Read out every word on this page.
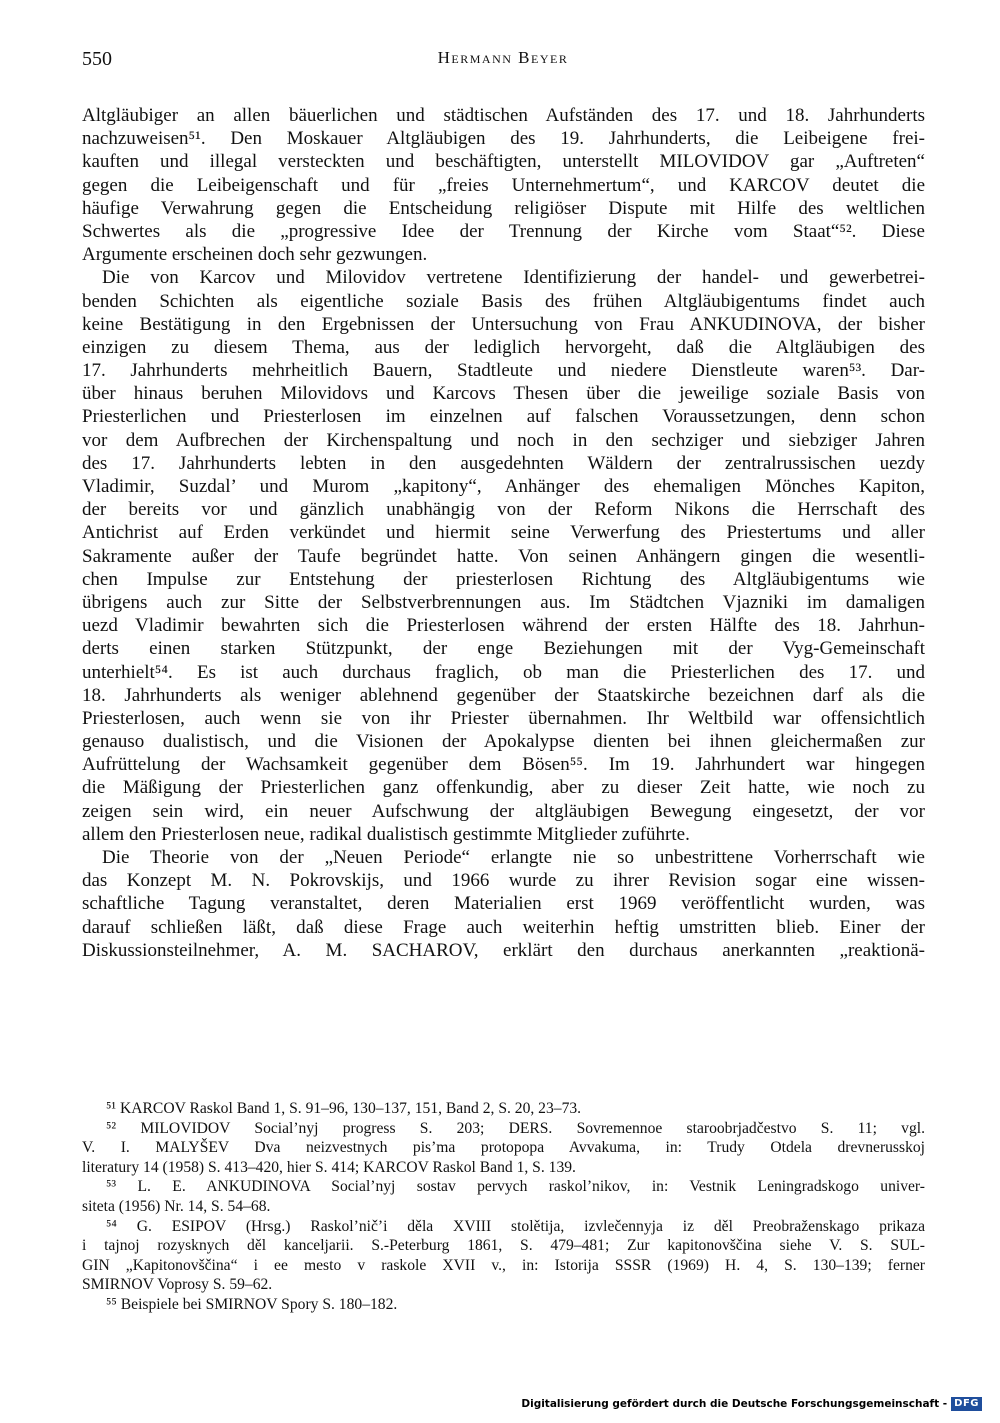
550	Hermann Beyer
Altgläubiger an allen bäuerlichen und städtischen Aufständen des 17. und 18. Jahrhunderts
nachzuweisen⁵¹. Den Moskauer Altgläubigen des 19. Jahrhunderts, die Leibeigene frei-
kauften und illegal versteckten und beschäftigten, unterstellt MILOVIDOV gar „Auftreten“
gegen die Leibeigenschaft und für „freies Unternehmertum“, und KARCOV deutet die
häufige Verwahrung gegen die Entscheidung religiöser Dispute mit Hilfe des weltlichen
Schwertes als die „progressive Idee der Trennung der Kirche vom Staat“⁵². Diese
Argumente erscheinen doch sehr gezwungen.
Die von Karcov und Milovidov vertretene Identifizierung der handel- und gewerbetrei-
benden Schichten als eigentliche soziale Basis des frühen Altgläubigentums findet auch
keine Bestätigung in den Ergebnissen der Untersuchung von Frau ANKUDINOVA, der bisher
einzigen zu diesem Thema, aus der lediglich hervorgeht, daß die Altgläubigen des
17. Jahrhunderts mehrheitlich Bauern, Stadtleute und niedere Dienstleute waren⁵³. Dar-
über hinaus beruhen Milovidovs und Karcovs Thesen über die jeweilige soziale Basis von
Priesterlichen und Priesterlosen im einzelnen auf falschen Voraussetzungen, denn schon
vor dem Aufbrechen der Kirchenspaltung und noch in den sechziger und siebziger Jahren
des 17. Jahrhunderts lebten in den ausgedehnten Wäldern der zentralrussischen uezdy
Vladimir, Suzdal’ und Murom „kapitony“, Anhänger des ehemaligen Mönches Kapiton,
der bereits vor und gänzlich unabhängig von der Reform Nikons die Herrschaft des
Antichrist auf Erden verkündet und hiermit seine Verwerfung des Priestertums und aller
Sakramente außer der Taufe begründet hatte. Von seinen Anhängern gingen die wesentli-
chen Impulse zur Entstehung der priesterlosen Richtung des Altgläubigentums wie
übrigens auch zur Sitte der Selbstverbrennungen aus. Im Städtchen Vjazniki im damaligen
uezd Vladimir bewahrten sich die Priesterlosen während der ersten Hälfte des 18. Jahrhun-
derts einen starken Stützpunkt, der enge Beziehungen mit der Vyg-Gemeinschaft
unterhielt⁵⁴. Es ist auch durchaus fraglich, ob man die Priesterlichen des 17. und
18. Jahrhunderts als weniger ablehnend gegenüber der Staatskirche bezeichnen darf als die
Priesterlosen, auch wenn sie von ihr Priester übernahmen. Ihr Weltbild war offensichtlich
genauso dualistisch, und die Visionen der Apokalypse dienten bei ihnen gleichermaßen zur
Aufrüttelung der Wachsamkeit gegenüber dem Bösen⁵⁵. Im 19. Jahrhundert war hingegen
die Mäßigung der Priesterlichen ganz offenkundig, aber zu dieser Zeit hatte, wie noch zu
zeigen sein wird, ein neuer Aufschwung der altgläubigen Bewegung eingesetzt, der vor
allem den Priesterlosen neue, radikal dualistisch gestimmte Mitglieder zuführte.
Die Theorie von der „Neuen Periode“ erlangte nie so unbestrittene Vorherrschaft wie
das Konzept M. N. Pokrovskijs, und 1966 wurde zu ihrer Revision sogar eine wissen-
schaftliche Tagung veranstaltet, deren Materialien erst 1969 veröffentlicht wurden, was
darauf schließen läßt, daß diese Frage auch weiterhin heftig umstritten blieb. Einer der
Diskussionsteilnehmer, A. M. SACHAROV, erklärt den durchaus anerkannten „reaktionä-
⁵¹ KARCOV Raskol Band 1, S. 91–96, 130–137, 151, Band 2, S. 20, 23–73.
⁵² MILOVIDOV Social’nyj progress S. 203; DERS. Sovremennoe staroobrjadčestvo S. 11; vgl.
V. I. MALYŠEV Dva neizvestnych pis’ma protopopa Avvakuma, in: Trudy Otdela drevnerusskoj
literatury 14 (1958) S. 413–420, hier S. 414; KARCOV Raskol Band 1, S. 139.
⁵³ L. E. ANKUDINOVA Social’nyj sostav pervych raskol’nikov, in: Vestnik Leningradskogo univer-
siteta (1956) Nr. 14, S. 54–68.
⁵⁴ G. ESIPOV (Hrsg.) Raskol’nič’i děla XVIII stolětija, izvlečennyja iz děl Preobraženskago prikaza
i tajnoj rozysknych děl kanceljarii. S.-Peterburg 1861, S. 479–481; Zur kapitonovščina siehe V. S. SUL-
GIN „Kapitonovščina“ i ee mesto v raskole XVII v., in: Istorija SSSR (1969) H. 4, S. 130–139; ferner
SMIRNOV Voprosy S. 59–62.
⁵⁵ Beispiele bei SMIRNOV Spory S. 180–182.
Digitalisierung gefördert durch die Deutsche Forschungsgemeinschaft - DFG
